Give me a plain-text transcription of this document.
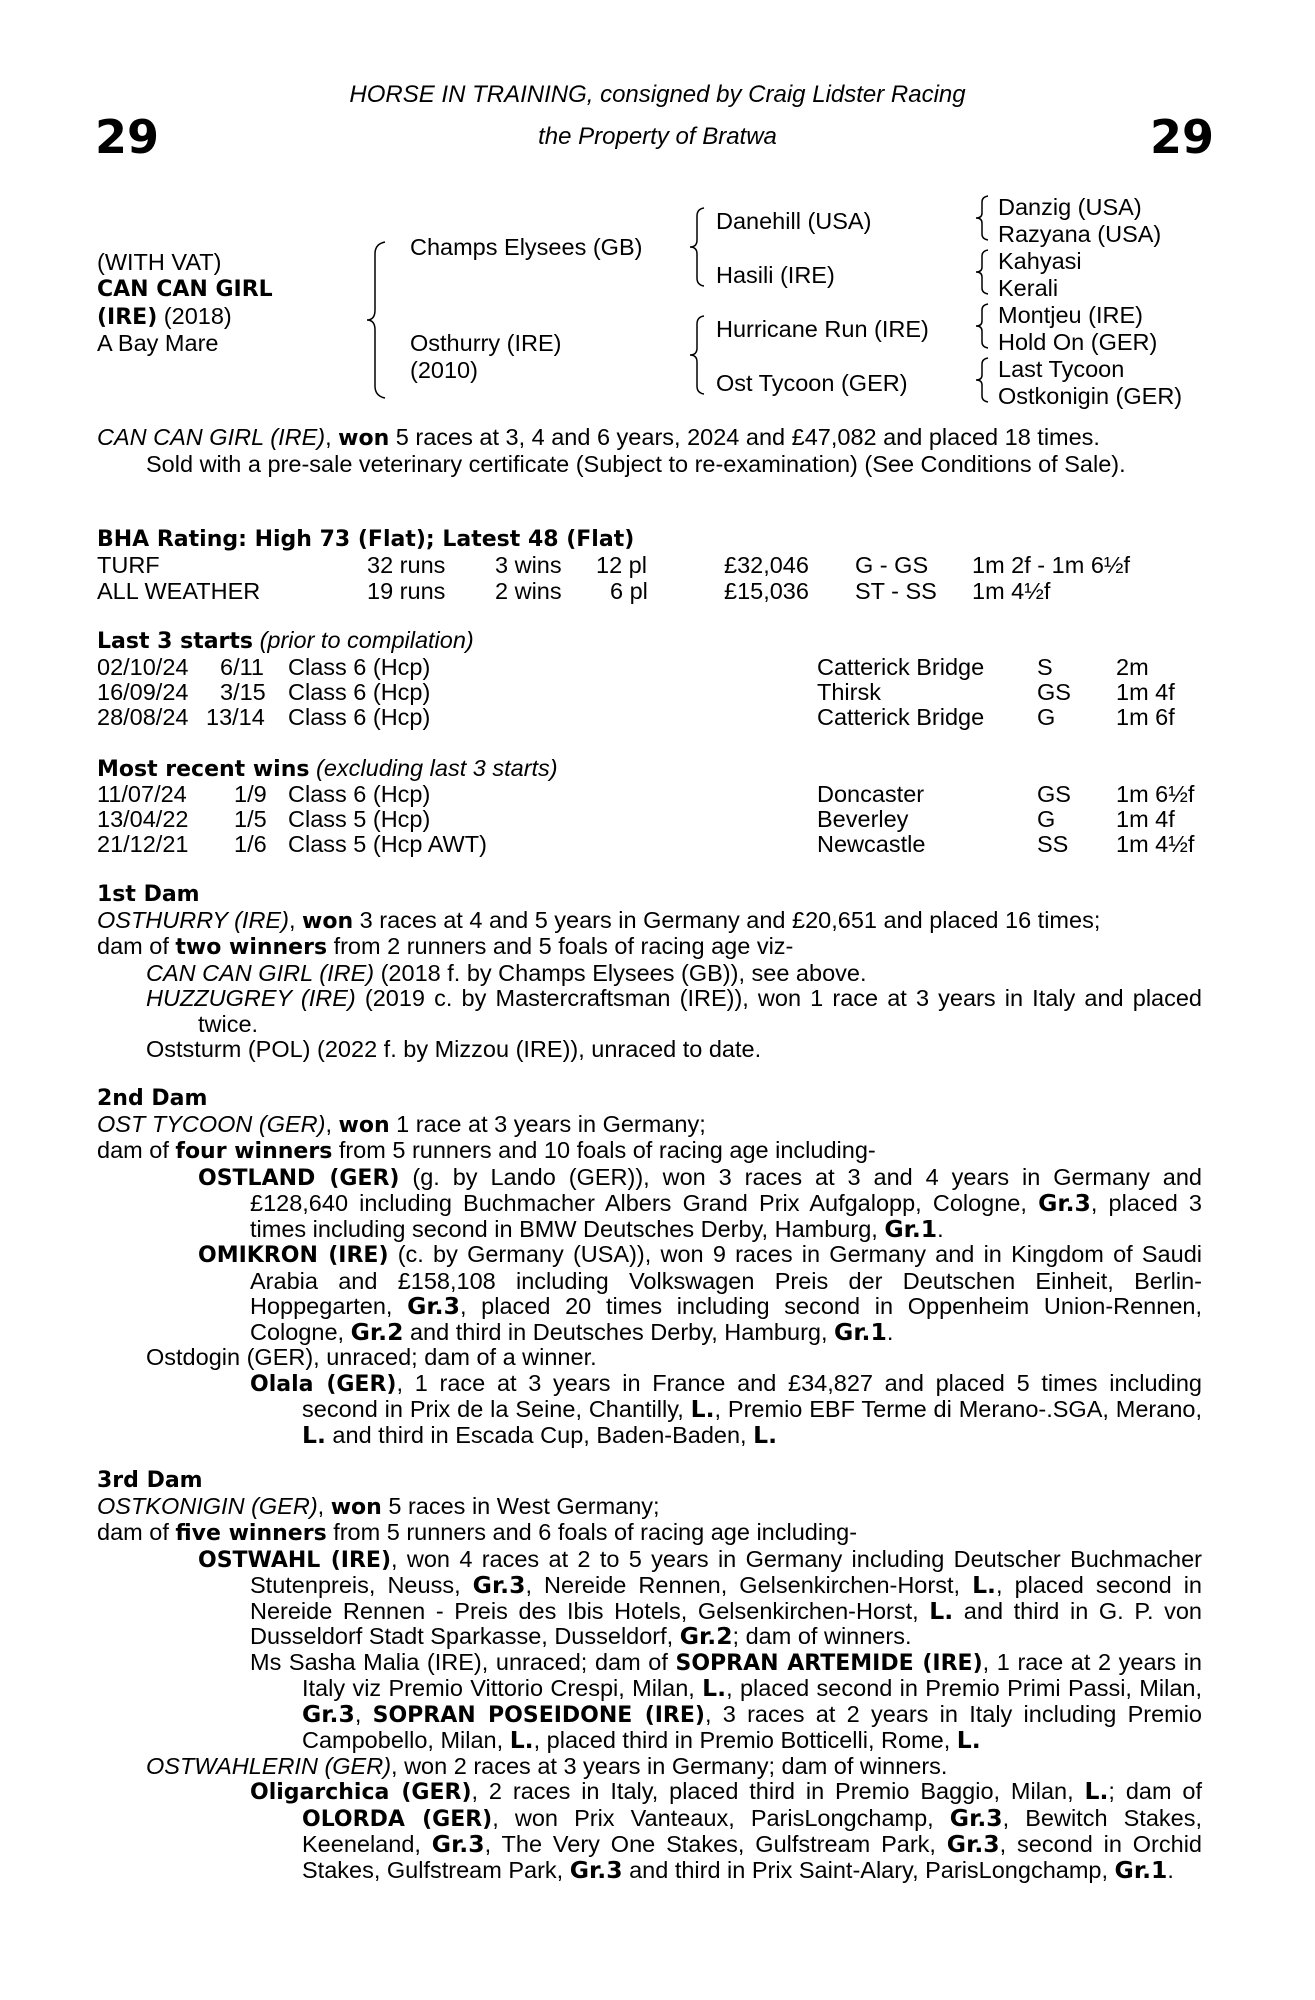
29	29
HORSE IN TRAINING, consigned by Craig Lidster Racing
the Property of Bratwa
(WITH VAT)
CAN CAN GIRL
(IRE) (2018)
A Bay Mare
Champs Elysees (GB)
Osthurry (IRE)
(2010)
Danehill (USA)
Hasili (IRE)
Hurricane Run (IRE)
Ost Tycoon (GER)
Danzig (USA)
Razyana (USA)
Kahyasi
Kerali
Montjeu (IRE)
Hold On (GER)
Last Tycoon
Ostkonigin (GER)

CAN CAN GIRL (IRE), won 5 races at 3, 4 and 6 years, 2024 and £47,082 and placed 18 times.

Sold with a pre-sale veterinary certificate (Subject to re-examination) (See Conditions of Sale).

BHA Rating: High 73 (Flat); Latest 48 (Flat)
TURF	32 runs 3 wins 12 pl	£32,046 G - GS 1m 2f - 1m 6½f
ALL WEATHER	19 runs 2 wins 6 pl	£15,036 ST - SS 1m 4½f
Last 3 starts (prior to compilation)
02/10/24 6/11 Class 6 (Hcp)	Catterick Bridge S	2m
16/09/24 3/15 Class 6 (Hcp)	Thirsk	GS 1m 4f
28/08/24 13/14 Class 6 (Hcp)	Catterick Bridge G	1m 6f
Most recent wins (excluding last 3 starts)
11/07/24 1/9 Class 6 (Hcp)	Doncaster	GS 1m 6½f
13/04/22 1/5 Class 5 (Hcp)	Beverley	G	1m 4f
21/12/21 1/6 Class 5 (Hcp AWT)	Newcastle	SS 1m 4½f

1st Dam

OSTHURRY (IRE), won 3 races at 4 and 5 years in Germany and £20,651 and placed 16 times;

dam of two winners from 2 runners and 5 foals of racing age viz-

CAN CAN GIRL (IRE) (2018 f. by Champs Elysees (GB)), see above.

HUZZUGREY (IRE) (2019 c. by Mastercraftsman (IRE)), won 1 race at 3 years in Italy and placed twice.

Oststurm (POL) (2022 f. by Mizzou (IRE)), unraced to date.

2nd Dam

OST TYCOON (GER), won 1 race at 3 years in Germany;

dam of four winners from 5 runners and 10 foals of racing age including-

OSTLAND (GER) (g. by Lando (GER)), won 3 races at 3 and 4 years in Germany and £128,640 including Buchmacher Albers Grand Prix Aufgalopp, Cologne, Gr.3, placed 3 times including second in BMW Deutsches Derby, Hamburg, Gr.1.

OMIKRON (IRE) (c. by Germany (USA)), won 9 races in Germany and in Kingdom of Saudi Arabia and £158,108 including Volkswagen Preis der Deutschen Einheit, Berlin-Hoppegarten, Gr.3, placed 20 times including second in Oppenheim Union-Rennen, Cologne, Gr.2 and third in Deutsches Derby, Hamburg, Gr.1.

Ostdogin (GER), unraced; dam of a winner.

Olala (GER), 1 race at 3 years in France and £34,827 and placed 5 times including second in Prix de la Seine, Chantilly, L., Premio EBF Terme di Merano-.SGA, Merano, L. and third in Escada Cup, Baden-Baden, L.

3rd Dam

OSTKONIGIN (GER), won 5 races in West Germany;

dam of five winners from 5 runners and 6 foals of racing age including-

OSTWAHL (IRE), won 4 races at 2 to 5 years in Germany including Deutscher Buchmacher Stutenpreis, Neuss, Gr.3, Nereide Rennen, Gelsenkirchen-Horst, L., placed second in Nereide Rennen - Preis des Ibis Hotels, Gelsenkirchen-Horst, L. and third in G. P. von Dusseldorf Stadt Sparkasse, Dusseldorf, Gr.2; dam of winners.

Ms Sasha Malia (IRE), unraced; dam of SOPRAN ARTEMIDE (IRE), 1 race at 2 years in Italy viz Premio Vittorio Crespi, Milan, L., placed second in Premio Primi Passi, Milan, Gr.3, SOPRAN POSEIDONE (IRE), 3 races at 2 years in Italy including Premio Campobello, Milan, L., placed third in Premio Botticelli, Rome, L.

OSTWAHLERIN (GER), won 2 races at 3 years in Germany; dam of winners.

Oligarchica (GER), 2 races in Italy, placed third in Premio Baggio, Milan, L.; dam of OLORDA (GER), won Prix Vanteaux, ParisLongchamp, Gr.3, Bewitch Stakes, Keeneland, Gr.3, The Very One Stakes, Gulfstream Park, Gr.3, second in Orchid Stakes, Gulfstream Park, Gr.3 and third in Prix Saint-Alary, ParisLongchamp, Gr.1.
